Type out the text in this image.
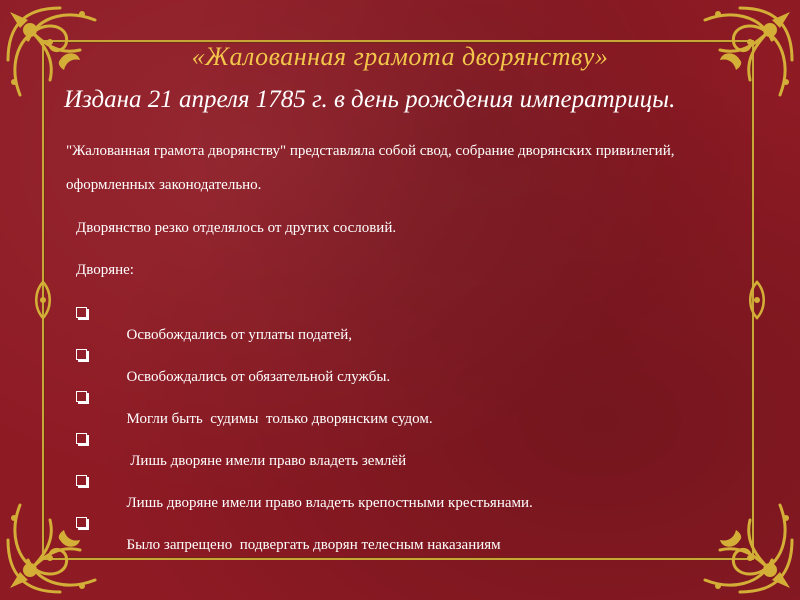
«Жалованная грамота дворянству»
Издана 21 апреля 1785 г. в день рождения императрицы.

"Жалованная грамота дворянству" представляла собой свод, собрание дворянских привилегий, оформленных законодательно.

Дворянство резко отделялось от других сословий.

Дворяне:

Освобождались от уплаты податей,

Освобождались от обязательной службы.

Могли быть  судимы  только дворянским судом.

Лишь дворяне имели право владеть землёй

Лишь дворяне имели право владеть крепостными крестьянами.

Было запрещено  подвергать дворян телесным наказаниям
